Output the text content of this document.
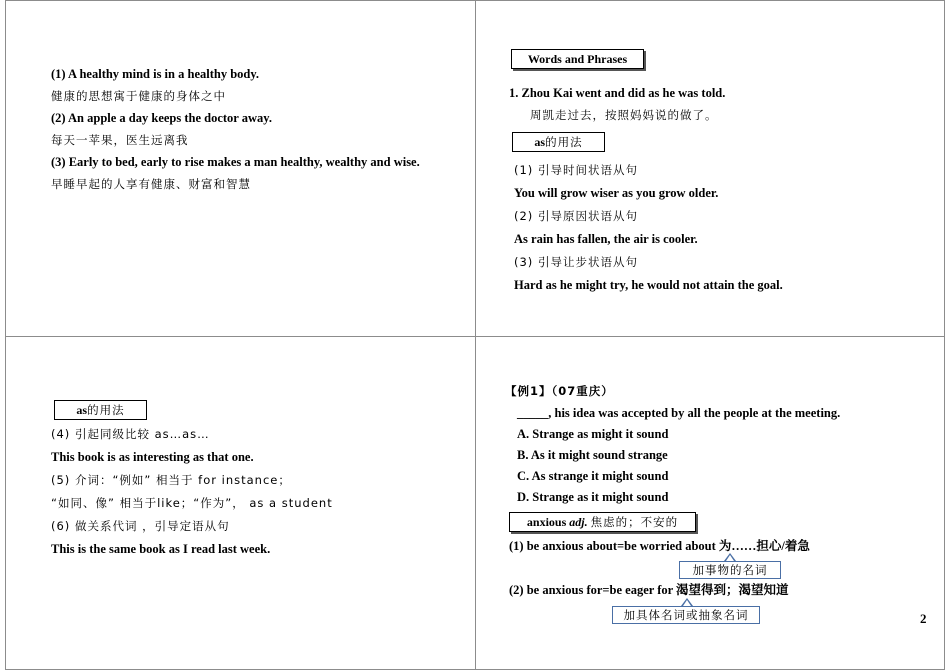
(1) A healthy mind is in a healthy body.
健康的思想寓于健康的身体之中
(2) An apple a day keeps the doctor away.
每天一苹果，医生远离我
(3) Early to bed, early to rise makes a man healthy, wealthy and wise.
早睡早起的人享有健康、财富和智慧
Words and Phrases
1. Zhou Kai went and did as he was told.
周凯走过去，按照妈妈说的做了。
as的用法
(1) 引导时间状语从句
You will grow wiser as you grow older.
(2) 引导原因状语从句
As rain has fallen, the air is cooler.
(3) 引导让步状语从句
Hard as he might try, he would not attain the goal.
as的用法
(4) 引起同级比较 as…as…
This book is as interesting as that one.
(5) 介词：“例如” 相当于 for instance；
“如同、像” 相当于like；“作为”， as a student
(6) 做关系代词 ，引导定语从句
This is the same book as I read last week.
【例1】（07重庆）
_____, his idea was accepted by all the people at the meeting.
A. Strange as might it sound
B. As it might sound strange
C. As strange it might sound
D. Strange as it might sound
anxious adj. 焦虑的；不安的
(1) be anxious about=be worried about 为……担心/着急
加事物的名词
(2) be anxious for=be eager for 渴望得到；渴望知道
加具体名词或抽象名词	2
